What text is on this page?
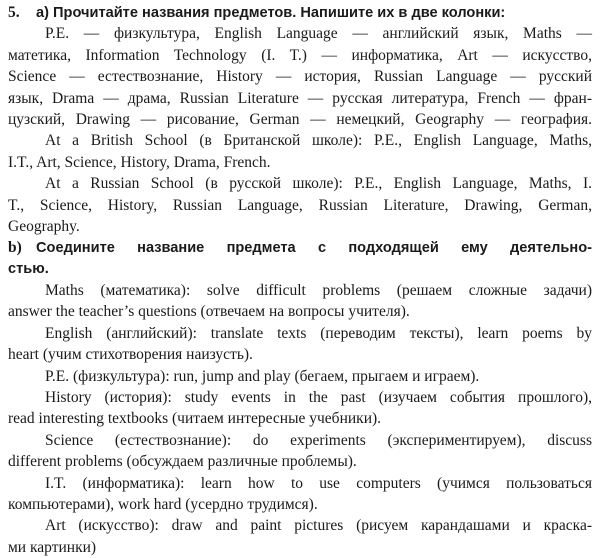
5. a) Прочитайте названия предметов. Напишите их в две колонки:
P.E. — физкультура, English Language — английский язык, Maths —
матетика, Information Technology (I. T.) — информатика, Art — искусство,
Science — естествознание, History — история, Russian Language — русский
язык, Drama — драма, Russian Literature — русская литература, French — фран-
цузский, Drawing — рисование, German — немецкий, Geography — география.
At a British School (в Британской школе): P.E., English Language, Maths,
I.T., Art, Science, History, Drama, French.
At a Russian School (в русской школе): P.E., English Language, Maths, I.
T., Science, History, Russian Language, Russian Literature, Drawing, German,
Geography.
b) Соедините название предмета с подходящей ему деятельно-
стью.
Maths (математика): solve difficult problems (решаем сложные задачи)
answer the teacher’s questions (отвечаем на вопросы учителя).
English (английский): translate texts (переводим тексты), learn poems by
heart (учим стихотворения наизусть).
P.E. (физкультура): run, jump and play (бегаем, прыгаем и играем).
History (история): study events in the past (изучаем события прошлого),
read interesting textbooks (читаем интересные учебники).
Science (естествознание): do experiments (экспериментируем), discuss
different problems (обсуждаем различные проблемы).
I.T. (информатика): learn how to use computers (учимся пользоваться
компьютерами), work hard (усердно трудимся).
Art (искусство): draw and paint pictures (рисуем карандашами и краска-
ми картинки)
